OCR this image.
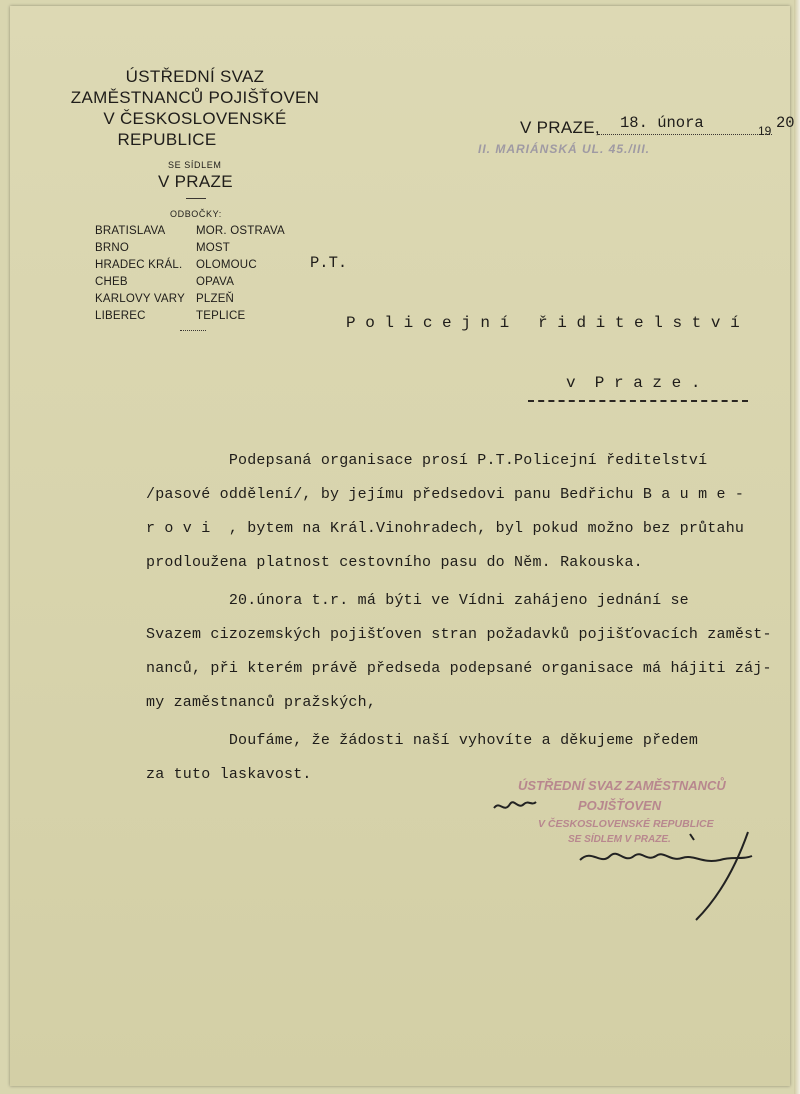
ÚSTŘEDNÍ SVAZ
ZAMĚSTNANCŮ POJIŠŤOVEN
V ČESKOSLOVENSKÉ
REPUBLICE
SE SÍDLEM
V PRAZE
ODBOČKY:
BRATISLAVA
BRNO
HRADEC KRÁL.
CHEB
KARLOVY VARY
LIBEREC
MOR. OSTRAVA
MOST
OLOMOUC
OPAVA
PLZEŇ
TEPLICE
V PRAZE, 18. února	19 20
II. MARIÁNSKÁ UL. 45./III.
P.T.
P o l i c e j n í   ř i d i t e l s t v í
v  P r a z e .
Podepsaná organisace prosí P.T.Policejní ředitelství
/pasové oddělení/, by jejímu předsedovi panu Bedřichu B a u m e -
r o v i  , bytem na Král.Vinohradech, byl pokud možno bez průtahu
prodloužena platnost cestovního pasu do Něm. Rakouska.
20.února t.r. má býti ve Vídni zahájeno jednání se
Svazem cizozemských pojišťoven stran požadavků pojišťovacích zaměst-
nanců, při kterém právě předseda podepsané organisace má hájiti záj-
my zaměstnanců pražských,
Doufáme, že žádosti naší vyhovíte a děkujeme předem
za tuto laskavost.
ÚSTŘEDNÍ SVAZ ZAMĚSTNANCŮ
POJIŠŤOVEN
V ČESKOSLOVENSKÉ REPUBLICE
SE SÍDLEM V PRAZE.
